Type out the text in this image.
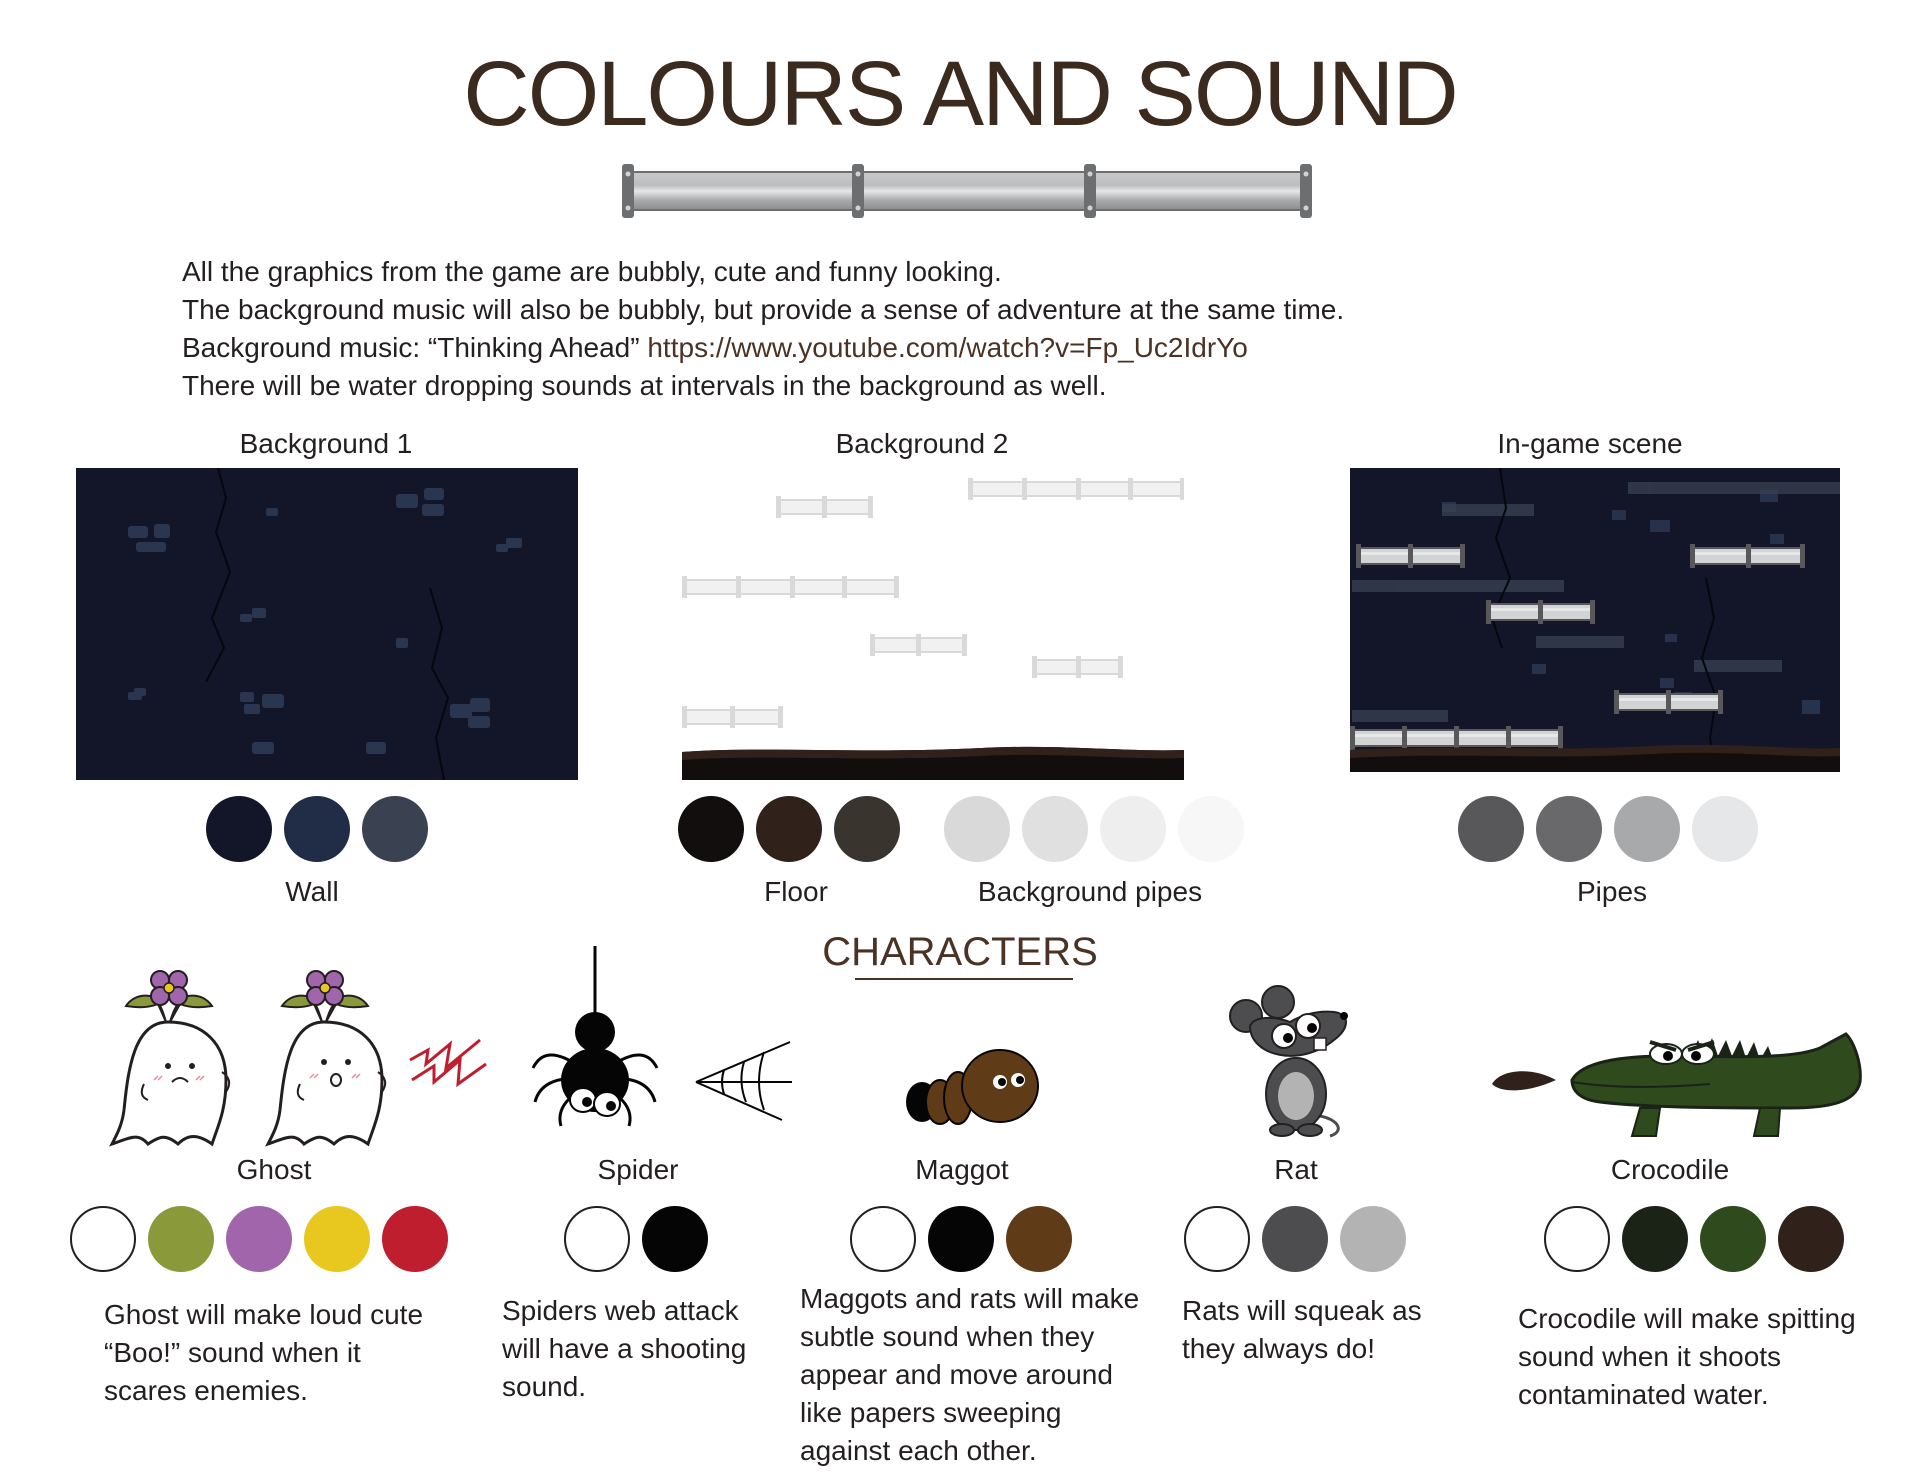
COLOURS AND SOUND
All the graphics from the game are bubbly, cute and funny looking.
The background music will also be bubbly, but provide a sense of adventure at the same time.
Background music: “Thinking Ahead” https://www.youtube.com/watch?v=Fp_Uc2IdrYo
There will be water dropping sounds at intervals in the background as well.
Background 1	Background 2	In-game scene
Wall	Floor	Background pipes	Pipes
CHARACTERS
Ghost	Spider	Maggot	Rat	Crocodile
Ghost will make loud cute
“Boo!” sound when it
scares enemies.
Spiders web attack
will have a shooting
sound.
Maggots and rats will make
subtle sound when they
appear and move around
like papers sweeping
against each other.
Rats will squeak as
they always do!
Crocodile will make spitting
sound when it shoots
contaminated water.
